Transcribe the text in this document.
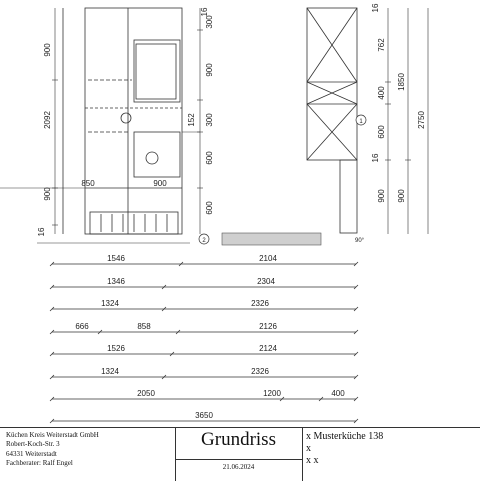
900
2092
900
16
850	900
16
300
900
300
600
600
152
2	90°
1
16
762
400
600
16
900
1850
900
2750
1546	2104
1346	2304
1324	2326
666	858	2126
1526	2124
1324	2326
2050	1200	400
3650
Küchen Kreis Weiterstadt GmbH
Robert-Koch-Str. 3
64331 Weiterstadt
Fachberater: Ralf Engel
Grundriss
21.06.2024
x Musterküche 138
x
x x
